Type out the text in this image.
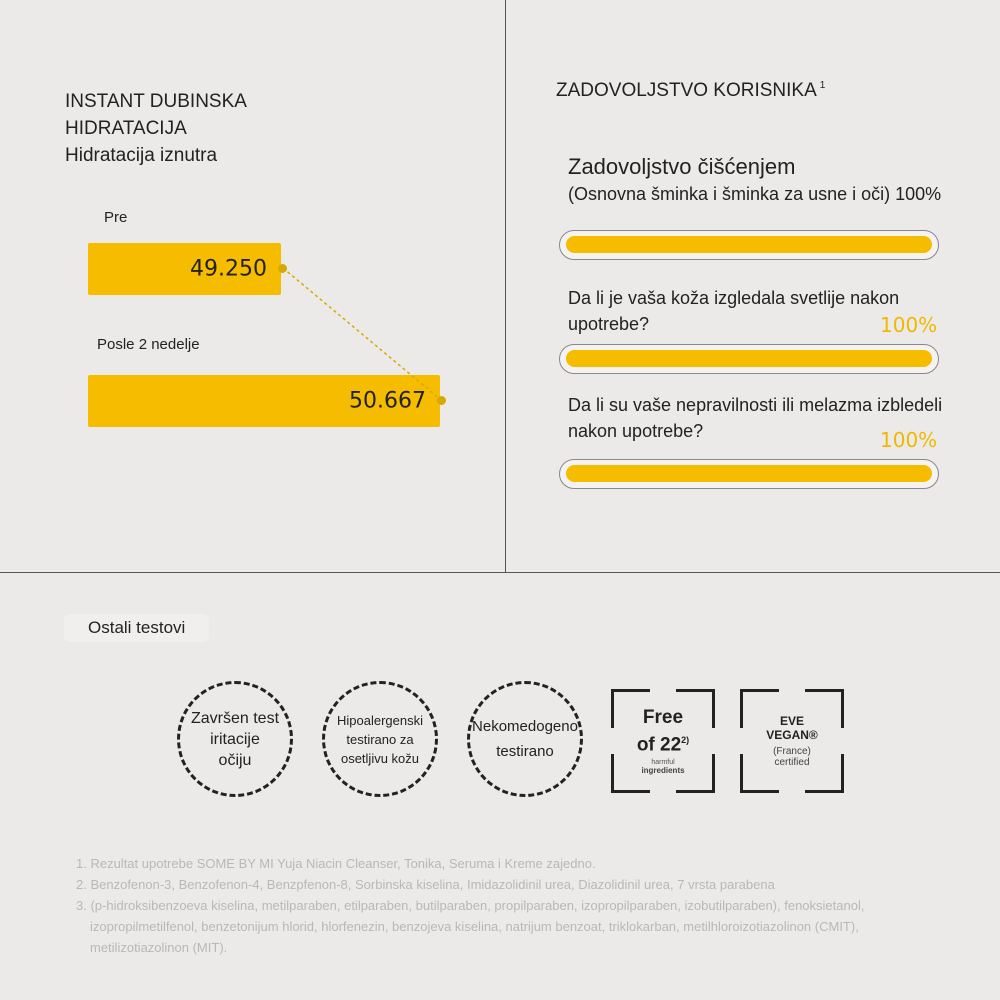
INSTANT DUBINSKA
HIDRATACIJA
Hidratacija iznutra
Pre
49.250
Posle 2 nedelje
50.667
ZADOVOLJSTVO KORISNIKA $^1$
Zadovoljstvo čišćenjem
(Osnovna šminka i šminka za usne i oči) 100%
Da li je vaša koža izgledala svetlije nakon upotrebe?	100%
Da li su vaše nepravilnosti ili melazma izbledeli nakon upotrebe?	100%
Ostali testovi
Završen test
iritacije
očiju
Hipoalergenski
testirano za
osetljivu kožu
Nekomedogeno
testirano
Free
of 22$^{2)}$
harmful
ingredients
EVE
VEGAN®
(France)
certified
1. Rezultat upotrebe SOME BY MI Yuja Niacin Cleanser, Tonika, Seruma i Kreme zajedno.
2. Benzofenon-3, Benzofenon-4, Benzpfenon-8, Sorbinska kiselina, Imidazolidinil urea, Diazolidinil urea, 7 vrsta parabena
3. (p-hidroksibenzoeva kiselina, metilparaben, etilparaben, butilparaben, propilparaben, izopropilparaben, izobutilparaben), fenoksietanol,
izopropilmetilfenol, benzetonijum hlorid, hlorfenezin, benzojeva kiselina, natrijum benzoat, triklokarban, metilhloroizotiazolinon (CMIT),
metilizotiazolinon (MIT).
